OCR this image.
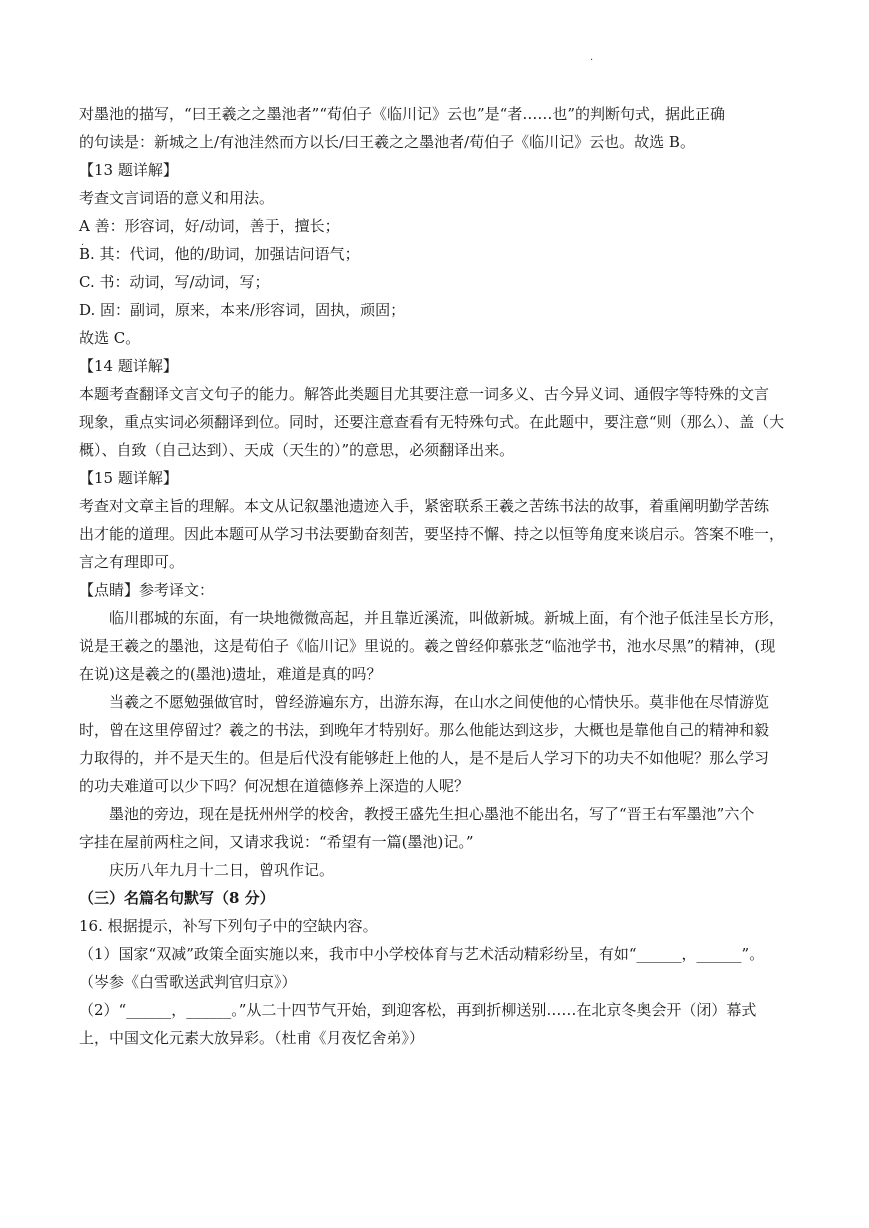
.
.
对墨池的描写，“曰王羲之之墨池者”“荀伯子《临川记》云也”是“者……也”的判断句式，据此正确
的句读是：新城之上/有池洼然而方以长/曰王羲之之墨池者/荀伯子《临川记》云也。故选 B。
【13 题详解】
考查文言词语的意义和用法。
A 善：形容词，好/动词，善于，擅长；
B. 其：代词，他的/助词，加强诘问语气；
C. 书：动词，写/动词，写；
D. 固：副词，原来，本来/形容词，固执，顽固；
故选 C。
【14 题详解】
本题考查翻译文言文句子的能力。解答此类题目尤其要注意一词多义、古今异义词、通假字等特殊的文言
现象，重点实词必须翻译到位。同时，还要注意查看有无特殊句式。在此题中，要注意“则（那么）、盖（大
概）、自致（自己达到）、天成（天生的）”的意思，必须翻译出来。
【15 题详解】
考查对文章主旨的理解。本文从记叙墨池遗迹入手，紧密联系王羲之苦练书法的故事，着重阐明勤学苦练
出才能的道理。因此本题可从学习书法要勤奋刻苦，要坚持不懈、持之以恒等角度来谈启示。答案不唯一，
言之有理即可。
【点睛】参考译文：
临川郡城的东面，有一块地微微高起，并且靠近溪流，叫做新城。新城上面，有个池子低洼呈长方形，
说是王羲之的墨池，这是荀伯子《临川记》里说的。羲之曾经仰慕张芝“临池学书，池水尽黑”的精神，(现
在说)这是羲之的(墨池)遗址，难道是真的吗？
当羲之不愿勉强做官时，曾经游遍东方，出游东海，在山水之间使他的心情快乐。莫非他在尽情游览
时，曾在这里停留过？羲之的书法，到晚年才特别好。那么他能达到这步，大概也是靠他自己的精神和毅
力取得的，并不是天生的。但是后代没有能够赶上他的人，是不是后人学习下的功夫不如他呢？那么学习
的功夫难道可以少下吗？何况想在道德修养上深造的人呢？
墨池的旁边，现在是抚州州学的校舍，教授王盛先生担心墨池不能出名，写了“晋王右军墨池”六个
字挂在屋前两柱之间，又请求我说：“希望有一篇(墨池)记。”
庆历八年九月十二日，曾巩作记。
（三）名篇名句默写（8 分）
16. 根据提示，补写下列句子中的空缺内容。
（1）国家“双减”政策全面实施以来，我市中小学校体育与艺术活动精彩纷呈，有如“______，______”。
（岑参《白雪歌送武判官归京》）
（2）“______，______。”从二十四节气开始，到迎客松，再到折柳送别……在北京冬奥会开（闭）幕式
上，中国文化元素大放异彩。（杜甫《月夜忆舍弟》）
